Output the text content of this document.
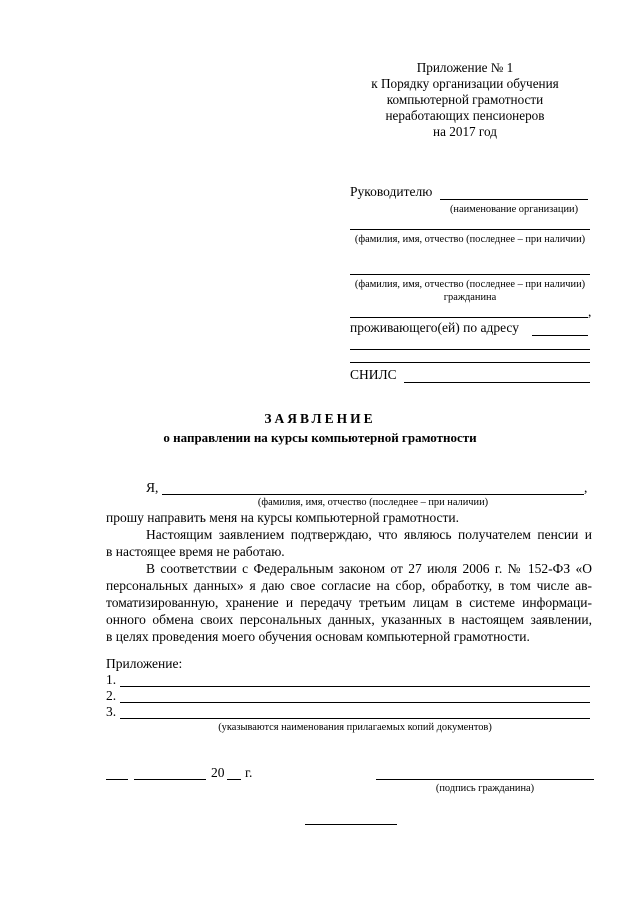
Приложение № 1
к Порядку организации обучения
компьютерной грамотности
неработающих пенсионеров
на 2017 год
Руководителю
(наименование организации)
(фамилия, имя, отчество (последнее – при наличии)
(фамилия, имя, отчество (последнее – при наличии) гражданина
,
проживающего(ей) по адресу
СНИЛС
ЗАЯВЛЕНИЕ
о направлении на курсы компьютерной грамотности
Я,	,
(фамилия, имя, отчество (последнее – при наличии)
прошу направить меня на курсы компьютерной грамотности.
Настоящим заявлением подтверждаю, что являюсь получателем пенсии и
в настоящее время не работаю.
В соответствии с Федеральным законом от 27 июля 2006 г. № 152-ФЗ «О
персональных данных» я даю свое согласие на сбор, обработку, в том числе ав-
томатизированную, хранение и передачу третьим лицам в системе информаци-
онного обмена своих персональных данных, указанных в настоящем заявлении,
в целях проведения моего обучения основам компьютерной грамотности.
Приложение:
1.
2.
3.
(указываются наименования прилагаемых копий документов)
20 г.
(подпись гражданина)
